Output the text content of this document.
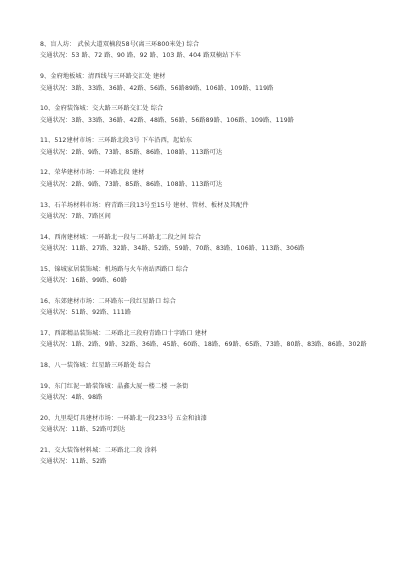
8、盲人坊： 武侯大道双楠段58号(离三环800米处) 综合
交通状况：53 路、72 路、90 路、92 路、103 路、404 路双楠站下车
9、金府地板城：清西线与三环路交汇处 建材
交通状况：3路、33路、36路、42路、56路、56路89路、106路、109路、119路
10、金府装饰城：交大路三环路交汇处 综合
交通状况：3路、33路、36路、42路、48路、56路、56路89路、106路、109路、119路
11、512建材市场：三环路北段3号 下车沿西，起始东
交通状况：2路、9路、73路、85路、86路、108路、113路可达
12、荣华建材市场：一环路北段 建材
交通状况：2路、9路、73路、85路、86路、108路、113路可达
13、石羊场材料市场：府青路三段13号至15号 建材、管材、板材及其配件
交通状况：7路、7路区间
14、西南建材城：一环路北一段与二环路北二段之间 综合
交通状况：11路、27路、32路、34路、52路、59路、70路、83路、106路、113路、306路
15、锦城家居装饰城：机场路与火车南站西路口 综合
交通状况：16路、99路、60路
16、东郊建材市场：二环路东一段红星路口 综合
交通状况：51路、92路、111路
17、西部精品装饰城：二环路北三段府青路口十字路口 建材
交通状况：1路、2路、9路、32路、36路、45路、60路、18路、69路、65路、73路、80路、83路、86路、302路
18、八一装饰城：红星路三环路处 综合
19、东门红泥一路装饰城：晶鑫大厦一楼二楼 一条街
交通状况：4路、98路
20、九里堤灯具建材市场：一环路北一段233号 五金和油漆
交通状况：11路、52路可到达
21、交大装饰材料城：二环路北二段 涂料
交通状况：11路、52路
